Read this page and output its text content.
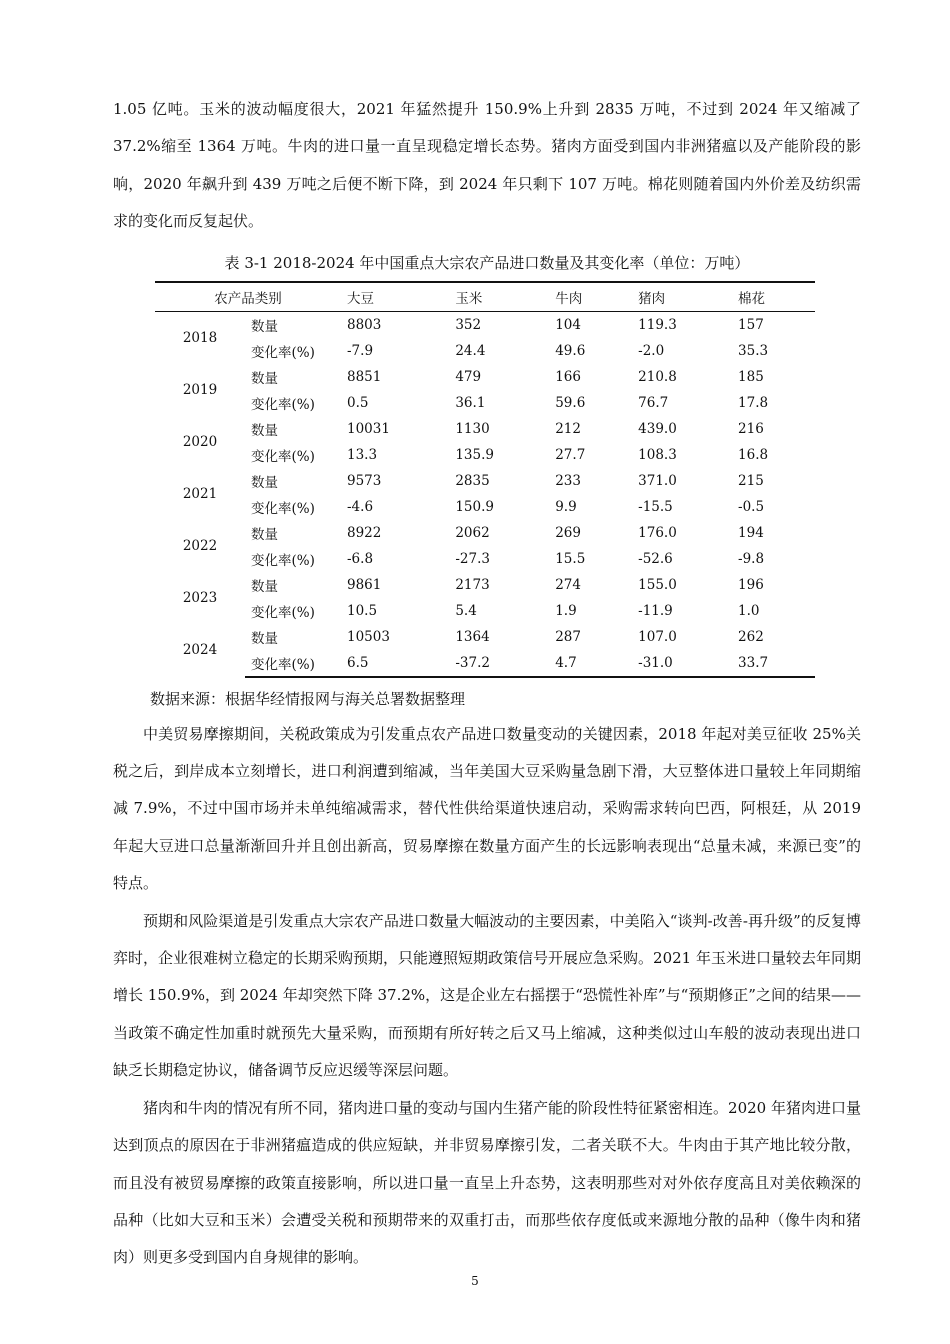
1.05 亿吨。玉米的波动幅度很大，2021 年猛然提升 150.9%上升到 2835 万吨，不过到 2024 年又缩减了 37.2%缩至 1364 万吨。牛肉的进口量一直呈现稳定增长态势。猪肉方面受到国内非洲猪瘟以及产能阶段的影响，2020 年飙升到 439 万吨之后便不断下降，到 2024 年只剩下 107 万吨。棉花则随着国内外价差及纺织需求的变化而反复起伏。

表 3-1 2018-2024 年中国重点大宗农产品进口数量及其变化率（单位：万吨）
农产品类别		大豆	玉米	牛肉	猪肉	棉花
2018	数量	8803	352	104	119.3	157
	变化率(%)	-7.9	24.4	49.6	-2.0	35.3
2019	数量	8851	479	166	210.8	185
	变化率(%)	0.5	36.1	59.6	76.7	17.8
2020	数量	10031	1130	212	439.0	216
	变化率(%)	13.3	135.9	27.7	108.3	16.8
2021	数量	9573	2835	233	371.0	215
	变化率(%)	-4.6	150.9	9.9	-15.5	-0.5
2022	数量	8922	2062	269	176.0	194
	变化率(%)	-6.8	-27.3	15.5	-52.6	-9.8
2023	数量	9861	2173	274	155.0	196
	变化率(%)	10.5	5.4	1.9	-11.9	1.0
2024	数量	10503	1364	287	107.0	262
	变化率(%)	6.5	-37.2	4.7	-31.0	33.7
数据来源：根据华经情报网与海关总署数据整理

中美贸易摩擦期间，关税政策成为引发重点农产品进口数量变动的关键因素，2018 年起对美豆征收 25%关税之后，到岸成本立刻增长，进口利润遭到缩减，当年美国大豆采购量急剧下滑，大豆整体进口量较上年同期缩减 7.9%，不过中国市场并未单纯缩减需求，替代性供给渠道快速启动，采购需求转向巴西，阿根廷，从 2019 年起大豆进口总量渐渐回升并且创出新高，贸易摩擦在数量方面产生的长远影响表现出“总量未减，来源已变”的特点。

预期和风险渠道是引发重点大宗农产品进口数量大幅波动的主要因素，中美陷入“谈判-改善-再升级”的反复博弈时，企业很难树立稳定的长期采购预期，只能遵照短期政策信号开展应急采购。2021 年玉米进口量较去年同期增长 150.9%，到 2024 年却突然下降 37.2%，这是企业左右摇摆于“恐慌性补库”与“预期修正”之间的结果——当政策不确定性加重时就预先大量采购，而预期有所好转之后又马上缩减，这种类似过山车般的波动表现出进口缺乏长期稳定协议，储备调节反应迟缓等深层问题。

猪肉和牛肉的情况有所不同，猪肉进口量的变动与国内生猪产能的阶段性特征紧密相连。2020 年猪肉进口量达到顶点的原因在于非洲猪瘟造成的供应短缺，并非贸易摩擦引发，二者关联不大。牛肉由于其产地比较分散，而且没有被贸易摩擦的政策直接影响，所以进口量一直呈上升态势，这表明那些对对外依存度高且对美依赖深的品种（比如大豆和玉米）会遭受关税和预期带来的双重打击，而那些依存度低或来源地分散的品种（像牛肉和猪肉）则更多受到国内自身规律的影响。

5
